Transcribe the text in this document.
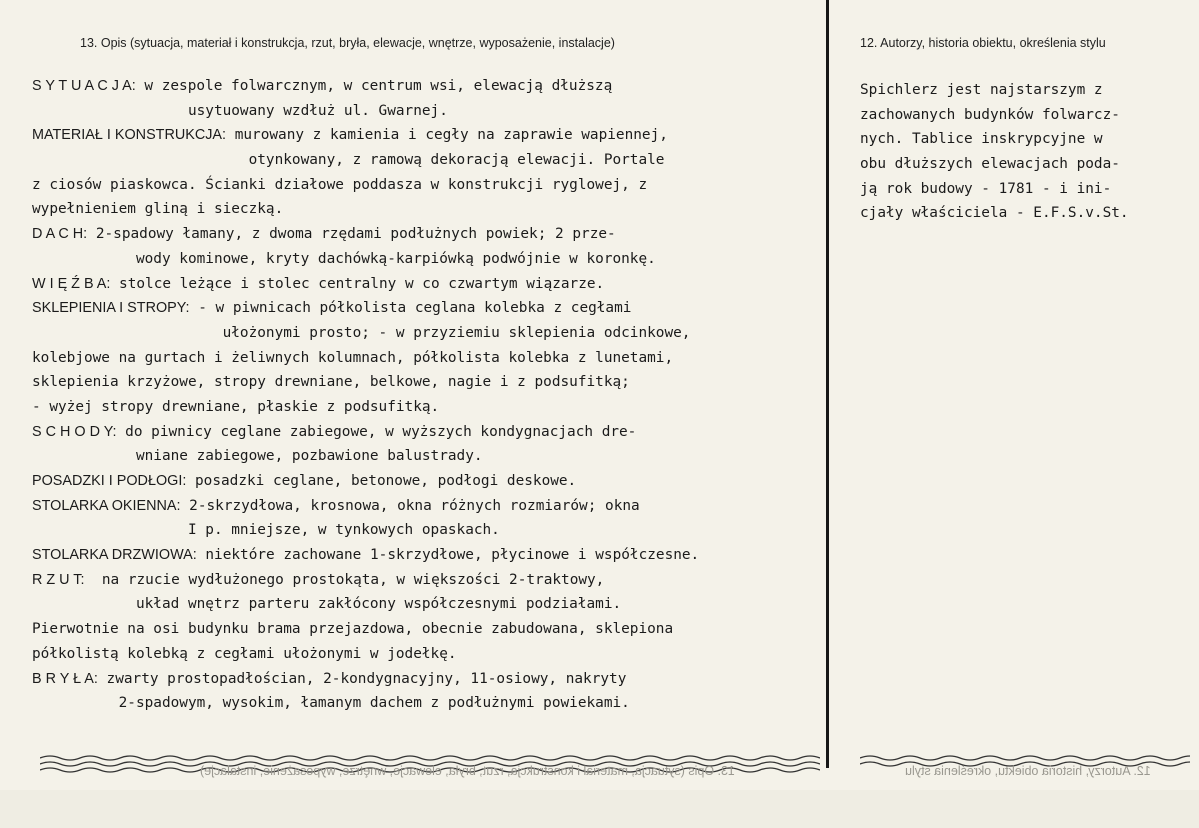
13. Opis (sytuacja, materiał i konstrukcja, rzut, bryła, elewacje, wnętrze, wyposażenie, instalacje)	12. Autorzy, historia obiektu, określenia stylu
S Y T U A C J A: w zespole folwarcznym, w centrum wsi, elewacją dłuższą
usytuowany wzdłuż ul. Gwarnej.
MATERIAŁ I KONSTRUKCJA: murowany z kamienia i cegły na zaprawie wapiennej,
otynkowany, z ramową dekoracją elewacji. Portale
z ciosów piaskowca. Ścianki działowe poddasza w konstrukcji ryglowej, z
wypełnieniem gliną i sieczką.
D A C H: 2-spadowy łamany, z dwoma rzędami podłużnych powiek; 2 prze-
wody kominowe, kryty dachówką-karpiówką podwójnie w koronkę.
W I Ę Ź B A: stolce leżące i stolec centralny w co czwartym wiązarze.
SKLEPIENIA I STROPY: - w piwnicach półkolista ceglana kolebka z cegłami
ułożonymi prosto; - w przyziemiu sklepienia odcinkowe,
kolebjowe na gurtach i żeliwnych kolumnach, półkolista kolebka z lunetami,
sklepienia krzyżowe, stropy drewniane, belkowe, nagie i z podsufitką;
- wyżej stropy drewniane, płaskie z podsufitką.
S C H O D Y: do piwnicy ceglane zabiegowe, w wyższych kondygnacjach dre-
wniane zabiegowe, pozbawione balustrady.
POSADZKI I PODŁOGI: posadzki ceglane, betonowe, podłogi deskowe.
STOLARKA OKIENNA: 2-skrzydłowa, krosnowa, okna różnych rozmiarów; okna
I p. mniejsze, w tynkowych opaskach.
STOLARKA DRZWIOWA: niektóre zachowane 1-skrzydłowe, płycinowe i współczesne.
R Z U T:  na rzucie wydłużonego prostokąta, w większości 2-traktowy,
układ wnętrz parteru zakłócony współczesnymi podziałami.
Pierwotnie na osi budynku brama przejazdowa, obecnie zabudowana, sklepiona
półkolistą kolebką z cegłami ułożonymi w jodełkę.
B R Y Ł A: zwarty prostopadłościan, 2-kondygnacyjny, 11-osiowy, nakryty
2-spadowym, wysokim, łamanym dachem z podłużnymi powiekami.
Spichlerz jest najstarszym z
zachowanych budynków folwarcz-
nych. Tablice inskrypcyjne w
obu dłuższych elewacjach poda-
ją rok budowy - 1781 - i ini-
cjały właściciela - E.F.S.v.St.
13. Opis (sytuacja, materiał i konstrukcja, rzut, bryła, elewacje, wnętrze, wyposażenie, instalacje)	12. Autorzy, historia obiektu, określenia stylu
